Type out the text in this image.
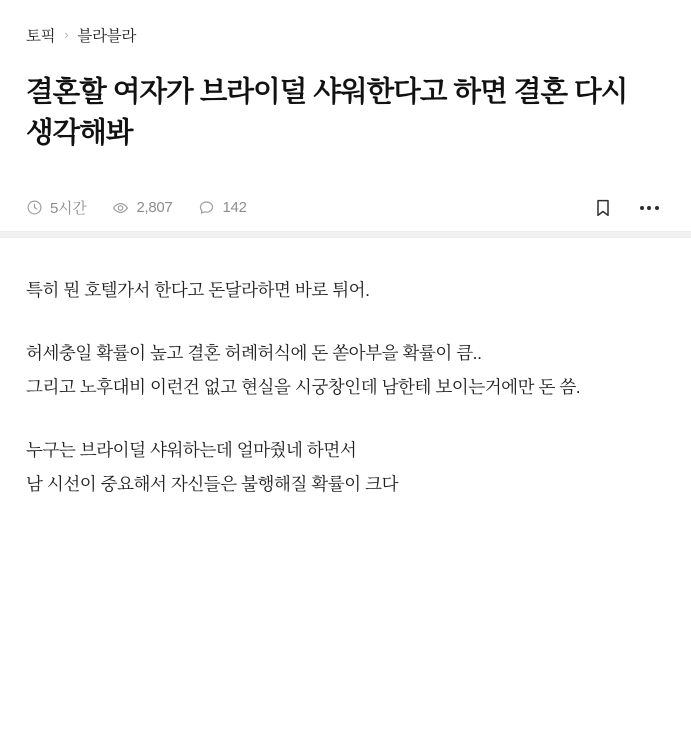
토픽 › 블라블라
결혼할 여자가 브라이덜 샤워한다고 하면 결혼 다시 생각해봐
5시간	2,807	142

특히 뭔 호텔가서 한다고 돈달라하면 바로 튀어.

허세충일 확률이 높고 결혼 허례허식에 돈 쏟아부을 확률이 큼..
그리고 노후대비 이런건 없고 현실을 시궁창인데 남한테 보이는거에만 돈 씀.

누구는 브라이덜 샤워하는데 얼마줬네 하면서
남 시선이 중요해서 자신들은 불행해질 확률이 크다
